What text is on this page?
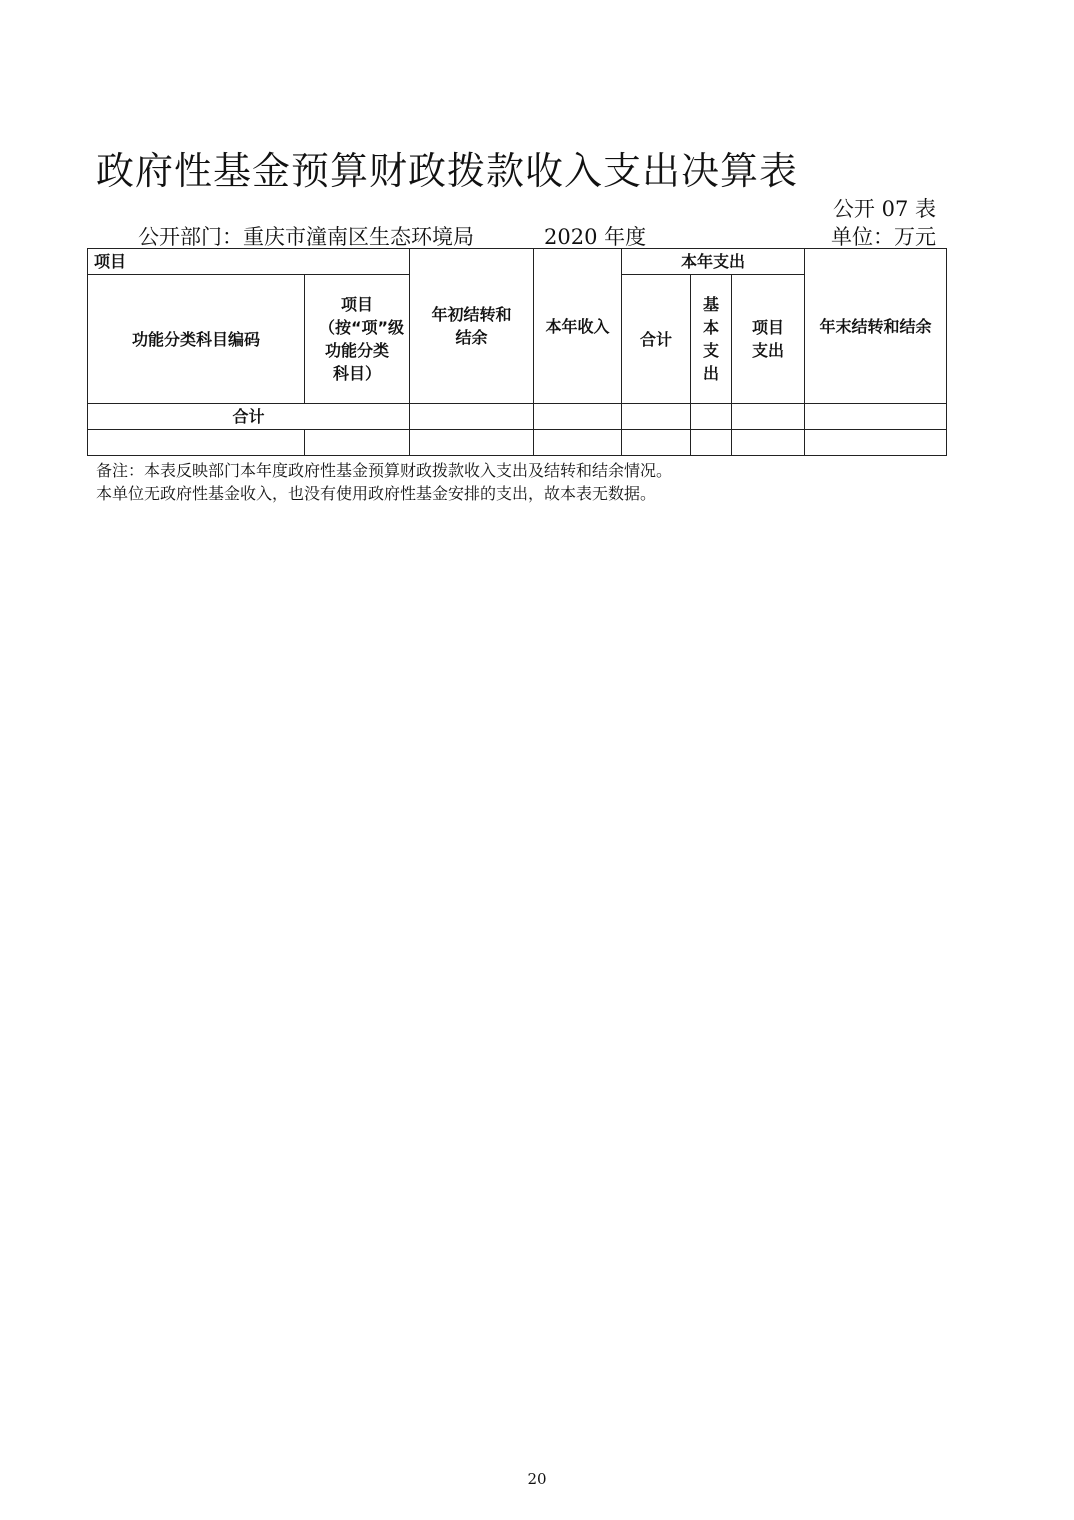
政府性基金预算财政拨款收入支出决算表
公开 07 表
公开部门：重庆市潼南区生态环境局	2020 年度	单位：万元
项目		年初结转和结余	本年收入	本年支出			年末结转和结余
功能分类科目编码	项目（按“项”级功能分类科目）			合计	基本支出	项目支出	
合计							

备注：本表反映部门本年度政府性基金预算财政拨款收入支出及结转和结余情况。
本单位无政府性基金收入，也没有使用政府性基金安排的支出，故本表无数据。
20
